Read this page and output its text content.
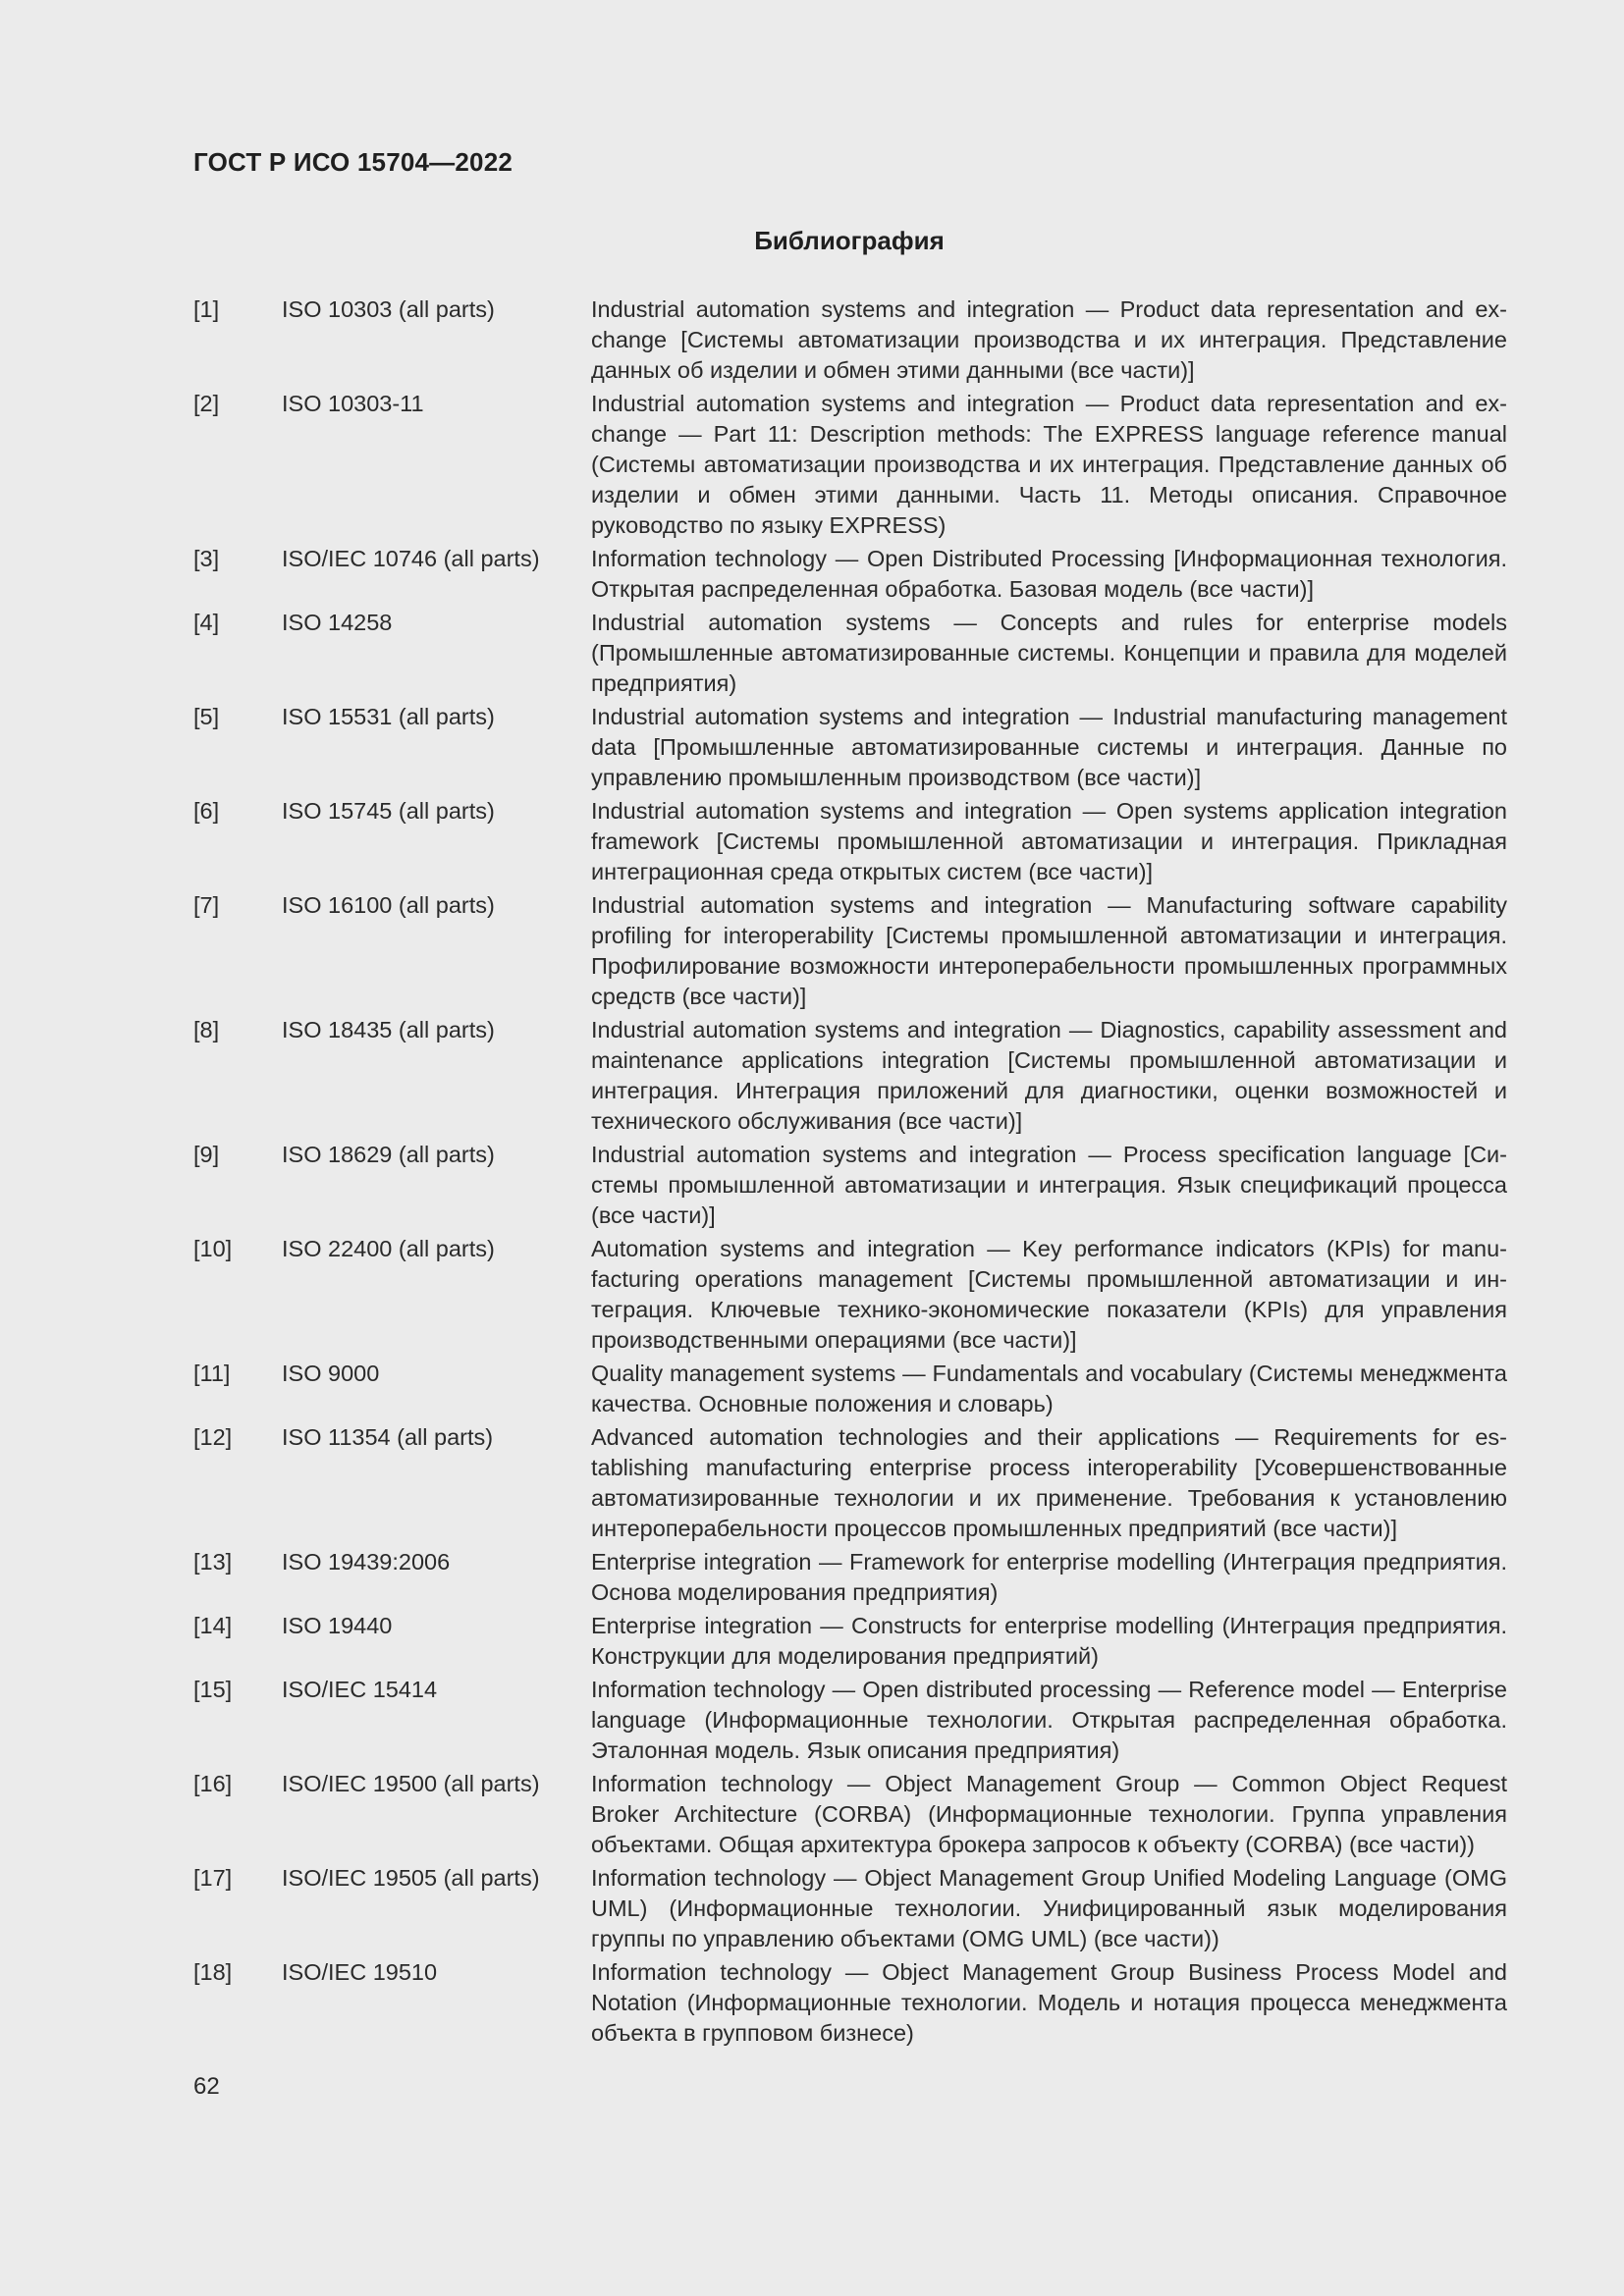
ГОСТ Р ИСО 15704—2022
Библиография
[1]	ISO 10303 (all parts)	Industrial automation systems and integration — Product data representation and exchange [Системы автоматизации производства и их интеграция. Представление данных об изделии и обмен этими данными (все части)]
[2]	ISO 10303-11	Industrial automation systems and integration — Product data representation and exchange — Part 11: Description methods: The EXPRESS language reference manual (Системы автоматизации производства и их интеграция. Представление данных об изделии и обмен этими данными. Часть 11. Методы описания. Справочное руководство по языку EXPRESS)
[3]	ISO/IEC 10746 (all parts)	Information technology — Open Distributed Processing [Информационная технология. Открытая распределенная обработка. Базовая модель (все части)]
[4]	ISO 14258	Industrial automation systems — Concepts and rules for enterprise models (Промышленные автоматизированные системы. Концепции и правила для моделей предприятия)
[5]	ISO 15531 (all parts)	Industrial automation systems and integration — Industrial manufacturing management data [Промышленные автоматизированные системы и интеграция. Данные по управлению промышленным производством (все части)]
[6]	ISO 15745 (all parts)	Industrial automation systems and integration — Open systems application integration framework [Системы промышленной автоматизации и интеграция. Прикладная интеграционная среда открытых систем (все части)]
[7]	ISO 16100 (all parts)	Industrial automation systems and integration — Manufacturing software capability profiling for interoperability [Системы промышленной автоматизации и интеграция. Профилирование возможности интероперабельности промышленных программных средств (все части)]
[8]	ISO 18435 (all parts)	Industrial automation systems and integration — Diagnostics, capability assessment and maintenance applications integration [Системы промышленной автоматизации и интеграция. Интеграция приложений для диагностики, оценки возможностей и технического обслуживания (все части)]
[9]	ISO 18629 (all parts)	Industrial automation systems and integration — Process specification language [Системы промышленной автоматизации и интеграция. Язык спецификаций процесса (все части)]
[10]	ISO 22400 (all parts)	Automation systems and integration — Key performance indicators (KPIs) for manufacturing operations management [Системы промышленной автоматизации и интеграция. Ключевые технико-экономические показатели (KPIs) для управления производственными операциями (все части)]
[11]	ISO 9000	Quality management systems — Fundamentals and vocabulary (Системы менеджмента качества. Основные положения и словарь)
[12]	ISO 11354 (all parts)	Advanced automation technologies and their applications — Requirements for establishing manufacturing enterprise process interoperability [Усовершенствованные автоматизированные технологии и их применение. Требования к установлению интероперабельности процессов промышленных предприятий (все части)]
[13]	ISO 19439:2006	Enterprise integration — Framework for enterprise modelling (Интеграция предприятия. Основа моделирования предприятия)
[14]	ISO 19440	Enterprise integration — Constructs for enterprise modelling (Интеграция предприятия. Конструкции для моделирования предприятий)
[15]	ISO/IEC 15414	Information technology — Open distributed processing — Reference model — Enterprise language (Информационные технологии. Открытая распределенная обработка. Эталонная модель. Язык описания предприятия)
[16]	ISO/IEC 19500 (all parts)	Information technology — Object Management Group — Common Object Request Broker Architecture (CORBA) (Информационные технологии. Группа управления объектами. Общая архитектура брокера запросов к объекту (CORBA) (все части))
[17]	ISO/IEC 19505 (all parts)	Information technology — Object Management Group Unified Modeling Language (OMG UML) (Информационные технологии. Унифицированный язык моделирования группы по управлению объектами (OMG UML) (все части))
[18]	ISO/IEC 19510	Information technology — Object Management Group Business Process Model and Notation (Информационные технологии. Модель и нотация процесса менеджмента объекта в групповом бизнесе)
62
